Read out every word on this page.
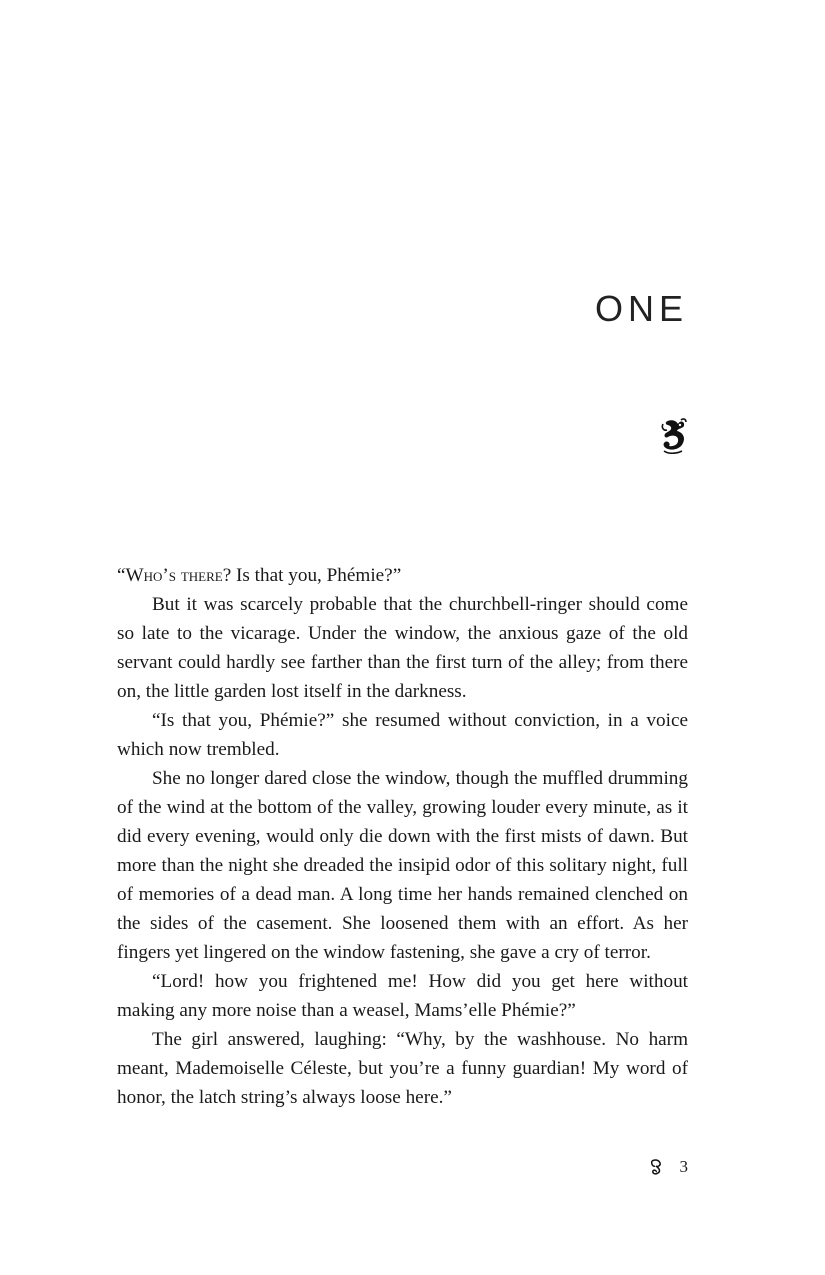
ONE

“Who’s there? Is that you, Phémie?”

But it was scarcely probable that the churchbell-ringer should come so late to the vicarage. Under the window, the anxious gaze of the old servant could hardly see farther than the first turn of the alley; from there on, the little garden lost itself in the darkness.

“Is that you, Phémie?” she resumed without conviction, in a voice which now trembled.

She no longer dared close the window, though the muffled drumming of the wind at the bottom of the valley, growing louder every minute, as it did every evening, would only die down with the first mists of dawn. But more than the night she dreaded the insipid odor of this solitary night, full of memories of a dead man. A long time her hands remained clenched on the sides of the casement. She loosened them with an effort. As her fingers yet lingered on the window fastening, she gave a cry of terror.

“Lord! how you frightened me! How did you get here without making any more noise than a weasel, Mams’elle Phémie?”

The girl answered, laughing: “Why, by the washhouse. No harm meant, Mademoiselle Céleste, but you’re a funny guardian! My word of honor, the latch string’s always loose here.”

3
